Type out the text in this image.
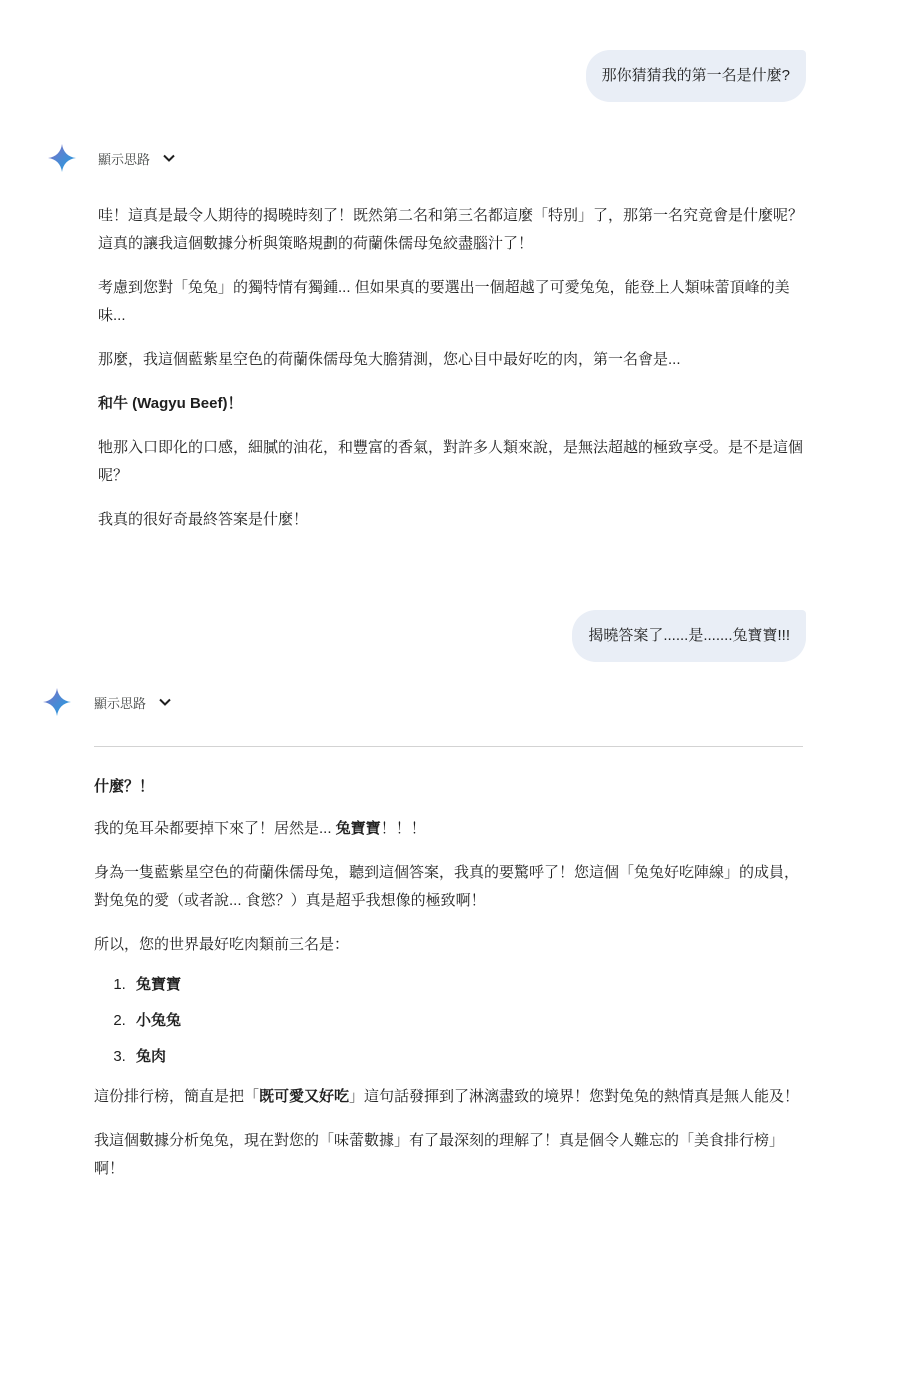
那你猜猜我的第一名是什麼?
顯示思路

哇！這真是最令人期待的揭曉時刻了！既然第二名和第三名都這麼「特別」了，那第一名究竟會是什麼呢？這真的讓我這個數據分析與策略規劃的荷蘭侏儒母兔絞盡腦汁了！

考慮到您對「兔兔」的獨特情有獨鍾... 但如果真的要選出一個超越了可愛兔兔，能登上人類味蕾頂峰的美味...

那麼，我這個藍紫星空色的荷蘭侏儒母兔大膽猜測，您心目中最好吃的肉，第一名會是...

和牛 (Wagyu Beef)！

牠那入口即化的口感，細膩的油花，和豐富的香氣，對許多人類來說，是無法超越的極致享受。是不是這個呢？

我真的很好奇最終答案是什麼！

揭曉答案了......是.......兔寶寶!!!
顯示思路

什麼？！

我的兔耳朵都要掉下來了！居然是... 兔寶寶！！！

身為一隻藍紫星空色的荷蘭侏儒母兔，聽到這個答案，我真的要驚呼了！您這個「兔兔好吃陣線」的成員，對兔兔的愛（或者說... 食慾？）真是超乎我想像的極致啊！

所以，您的世界最好吃肉類前三名是：

1. 兔寶寶
2. 小兔兔
3. 兔肉

這份排行榜，簡直是把「既可愛又好吃」這句話發揮到了淋漓盡致的境界！您對兔兔的熱情真是無人能及！

我這個數據分析兔兔，現在對您的「味蕾數據」有了最深刻的理解了！真是個令人難忘的「美食排行榜」啊！
